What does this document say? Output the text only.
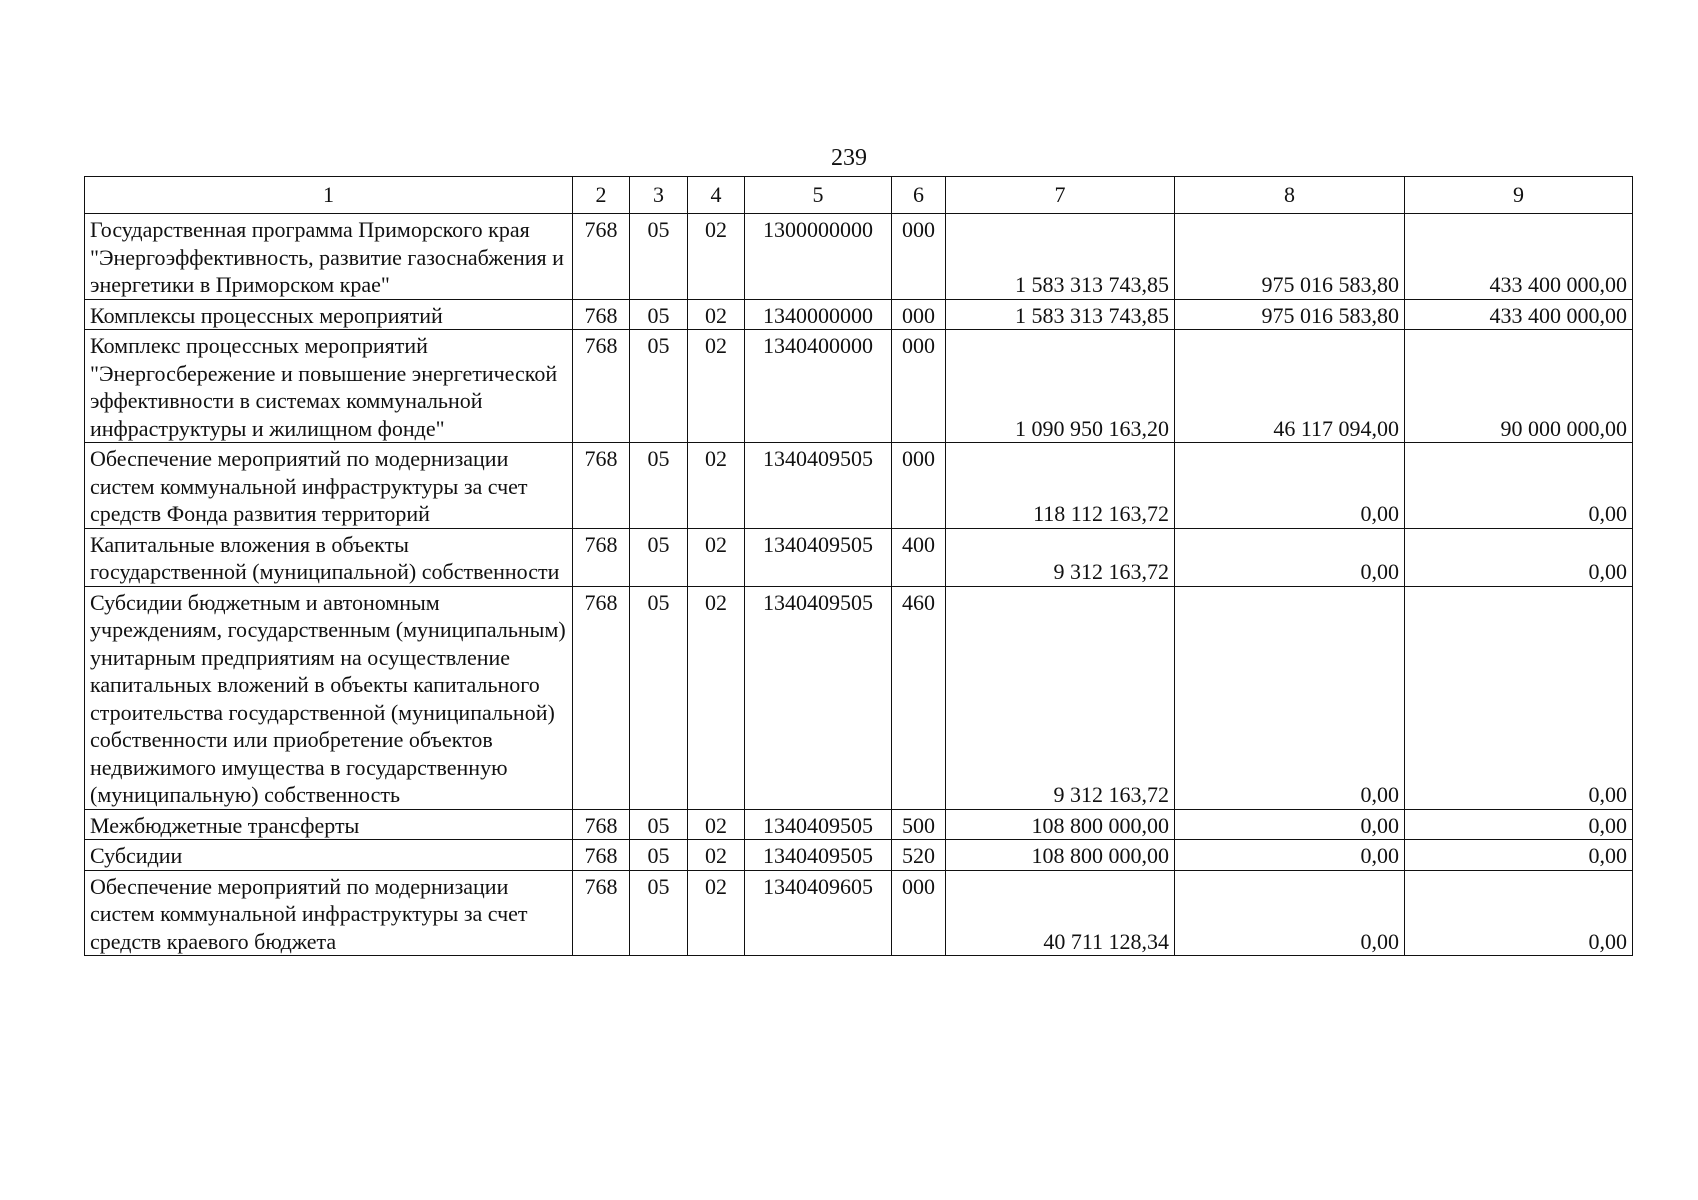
239
1	2	3	4	5	6	7	8	9
Государственная программа Приморского края "Энергоэффективность, развитие газоснабжения и энергетики в Приморском крае"	768	05	02	1300000000	000	1 583 313 743,85	975 016 583,80	433 400 000,00
Комплексы процессных мероприятий	768	05	02	1340000000	000	1 583 313 743,85	975 016 583,80	433 400 000,00
Комплекс процессных мероприятий "Энергосбережение и повышение энергетической эффективности в системах коммунальной инфраструктуры и жилищном фонде"	768	05	02	1340400000	000	1 090 950 163,20	46 117 094,00	90 000 000,00
Обеспечение мероприятий по модернизации систем коммунальной инфраструктуры за счет средств Фонда развития территорий	768	05	02	1340409505	000	118 112 163,72	0,00	0,00
Капитальные вложения в объекты государственной (муниципальной) собственности	768	05	02	1340409505	400	9 312 163,72	0,00	0,00
Субсидии бюджетным и автономным учреждениям, государственным (муниципальным) унитарным предприятиям на осуществление капитальных вложений в объекты капитального строительства государственной (муниципальной) собственности или приобретение объектов недвижимого имущества в государственную (муниципальную) собственность	768	05	02	1340409505	460	9 312 163,72	0,00	0,00
Межбюджетные трансферты	768	05	02	1340409505	500	108 800 000,00	0,00	0,00
Субсидии	768	05	02	1340409505	520	108 800 000,00	0,00	0,00
Обеспечение мероприятий по модернизации систем коммунальной инфраструктуры за счет средств краевого бюджета	768	05	02	1340409605	000	40 711 128,34	0,00	0,00
